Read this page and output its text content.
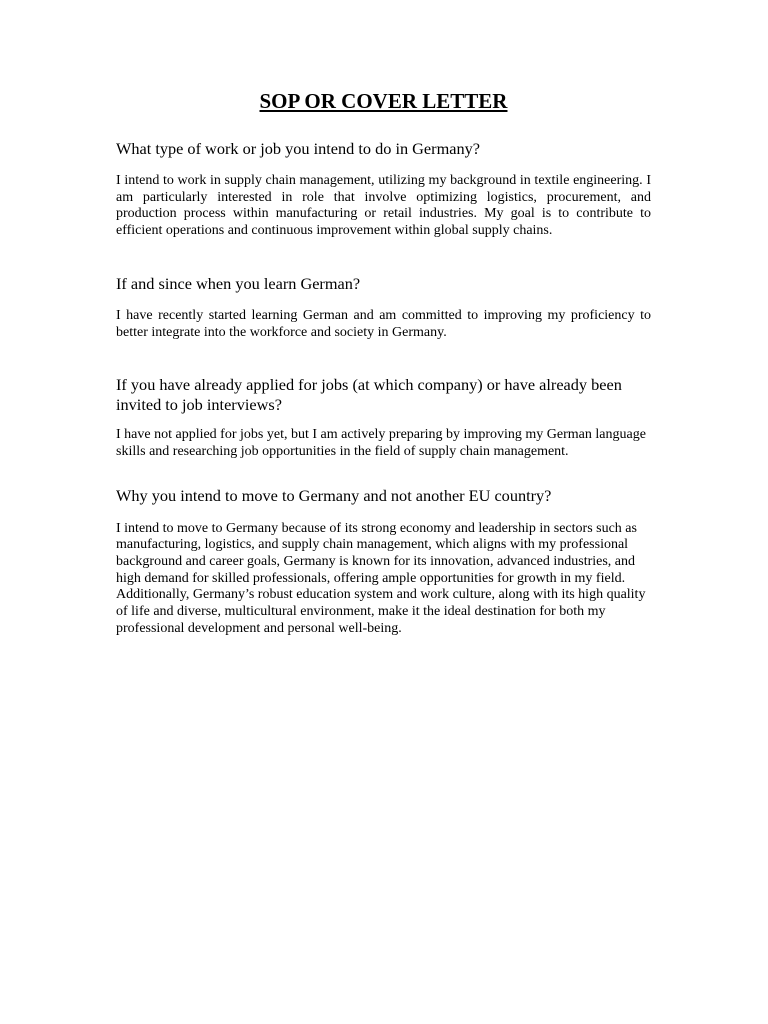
SOP OR COVER LETTER

What type of work or job you intend to do in Germany?

I intend to work in supply chain management, utilizing my background in textile engineering. I am particularly interested in role that involve optimizing logistics, procurement, and production process within manufacturing or retail industries. My goal is to contribute to efficient operations and continuous improvement within global supply chains.

If and since when you learn German?

I have recently started learning German and am committed to improving my proficiency to better integrate into the workforce and society in Germany.

If you have already applied for jobs (at which company) or have already been invited to job interviews?

I have not applied for jobs yet, but I am actively preparing by improving my German language skills and researching job opportunities in the field of supply chain management.

Why you intend to move to Germany and not another EU country?

I intend to move to Germany because of its strong economy and leadership in sectors such as manufacturing, logistics, and supply chain management, which aligns with my professional background and career goals, Germany is known for its innovation, advanced industries, and high demand for skilled professionals, offering ample opportunities for growth in my field. Additionally, Germany’s robust education system and work culture, along with its high quality of life and diverse, multicultural environment, make it the ideal destination for both my professional development and personal well-being.
